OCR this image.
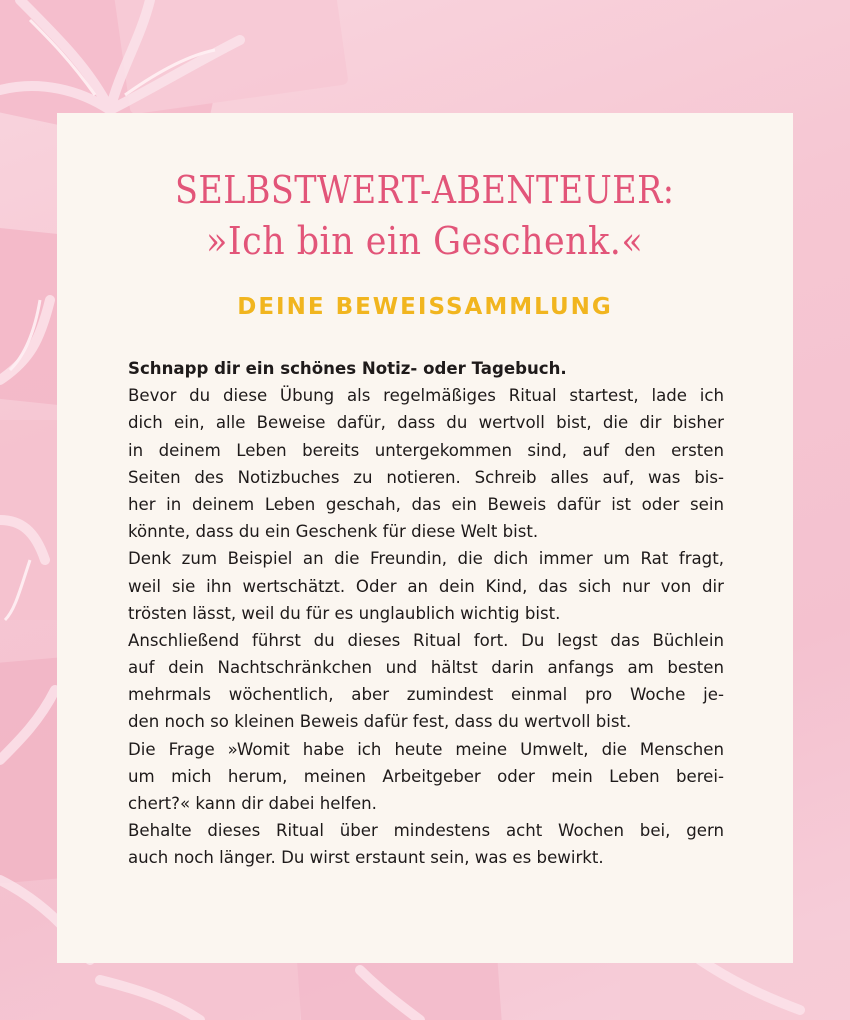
SELBSTWERT-ABENTEUER:
»Ich bin ein Geschenk.«
DEINE BEWEISSAMMLUNG
Schnapp dir ein schönes Notiz- oder Tagebuch.
Bevor du diese Übung als regelmäßiges Ritual startest, lade ich
dich ein, alle Beweise dafür, dass du wertvoll bist, die dir bisher
in deinem Leben bereits untergekommen sind, auf den ersten
Seiten des Notizbuches zu notieren. Schreib alles auf, was bis-
her in deinem Leben geschah, das ein Beweis dafür ist oder sein
könnte, dass du ein Geschenk für diese Welt bist.
Denk zum Beispiel an die Freundin, die dich immer um Rat fragt,
weil sie ihn wertschätzt. Oder an dein Kind, das sich nur von dir
trösten lässt, weil du für es unglaublich wichtig bist.
Anschließend führst du dieses Ritual fort. Du legst das Büchlein
auf dein Nachtschränkchen und hältst darin anfangs am besten
mehrmals wöchentlich, aber zumindest einmal pro Woche je-
den noch so kleinen Beweis dafür fest, dass du wertvoll bist.
Die Frage »Womit habe ich heute meine Umwelt, die Menschen
um mich herum, meinen Arbeitgeber oder mein Leben berei-
chert?« kann dir dabei helfen.
Behalte dieses Ritual über mindestens acht Wochen bei, gern
auch noch länger. Du wirst erstaunt sein, was es bewirkt.
